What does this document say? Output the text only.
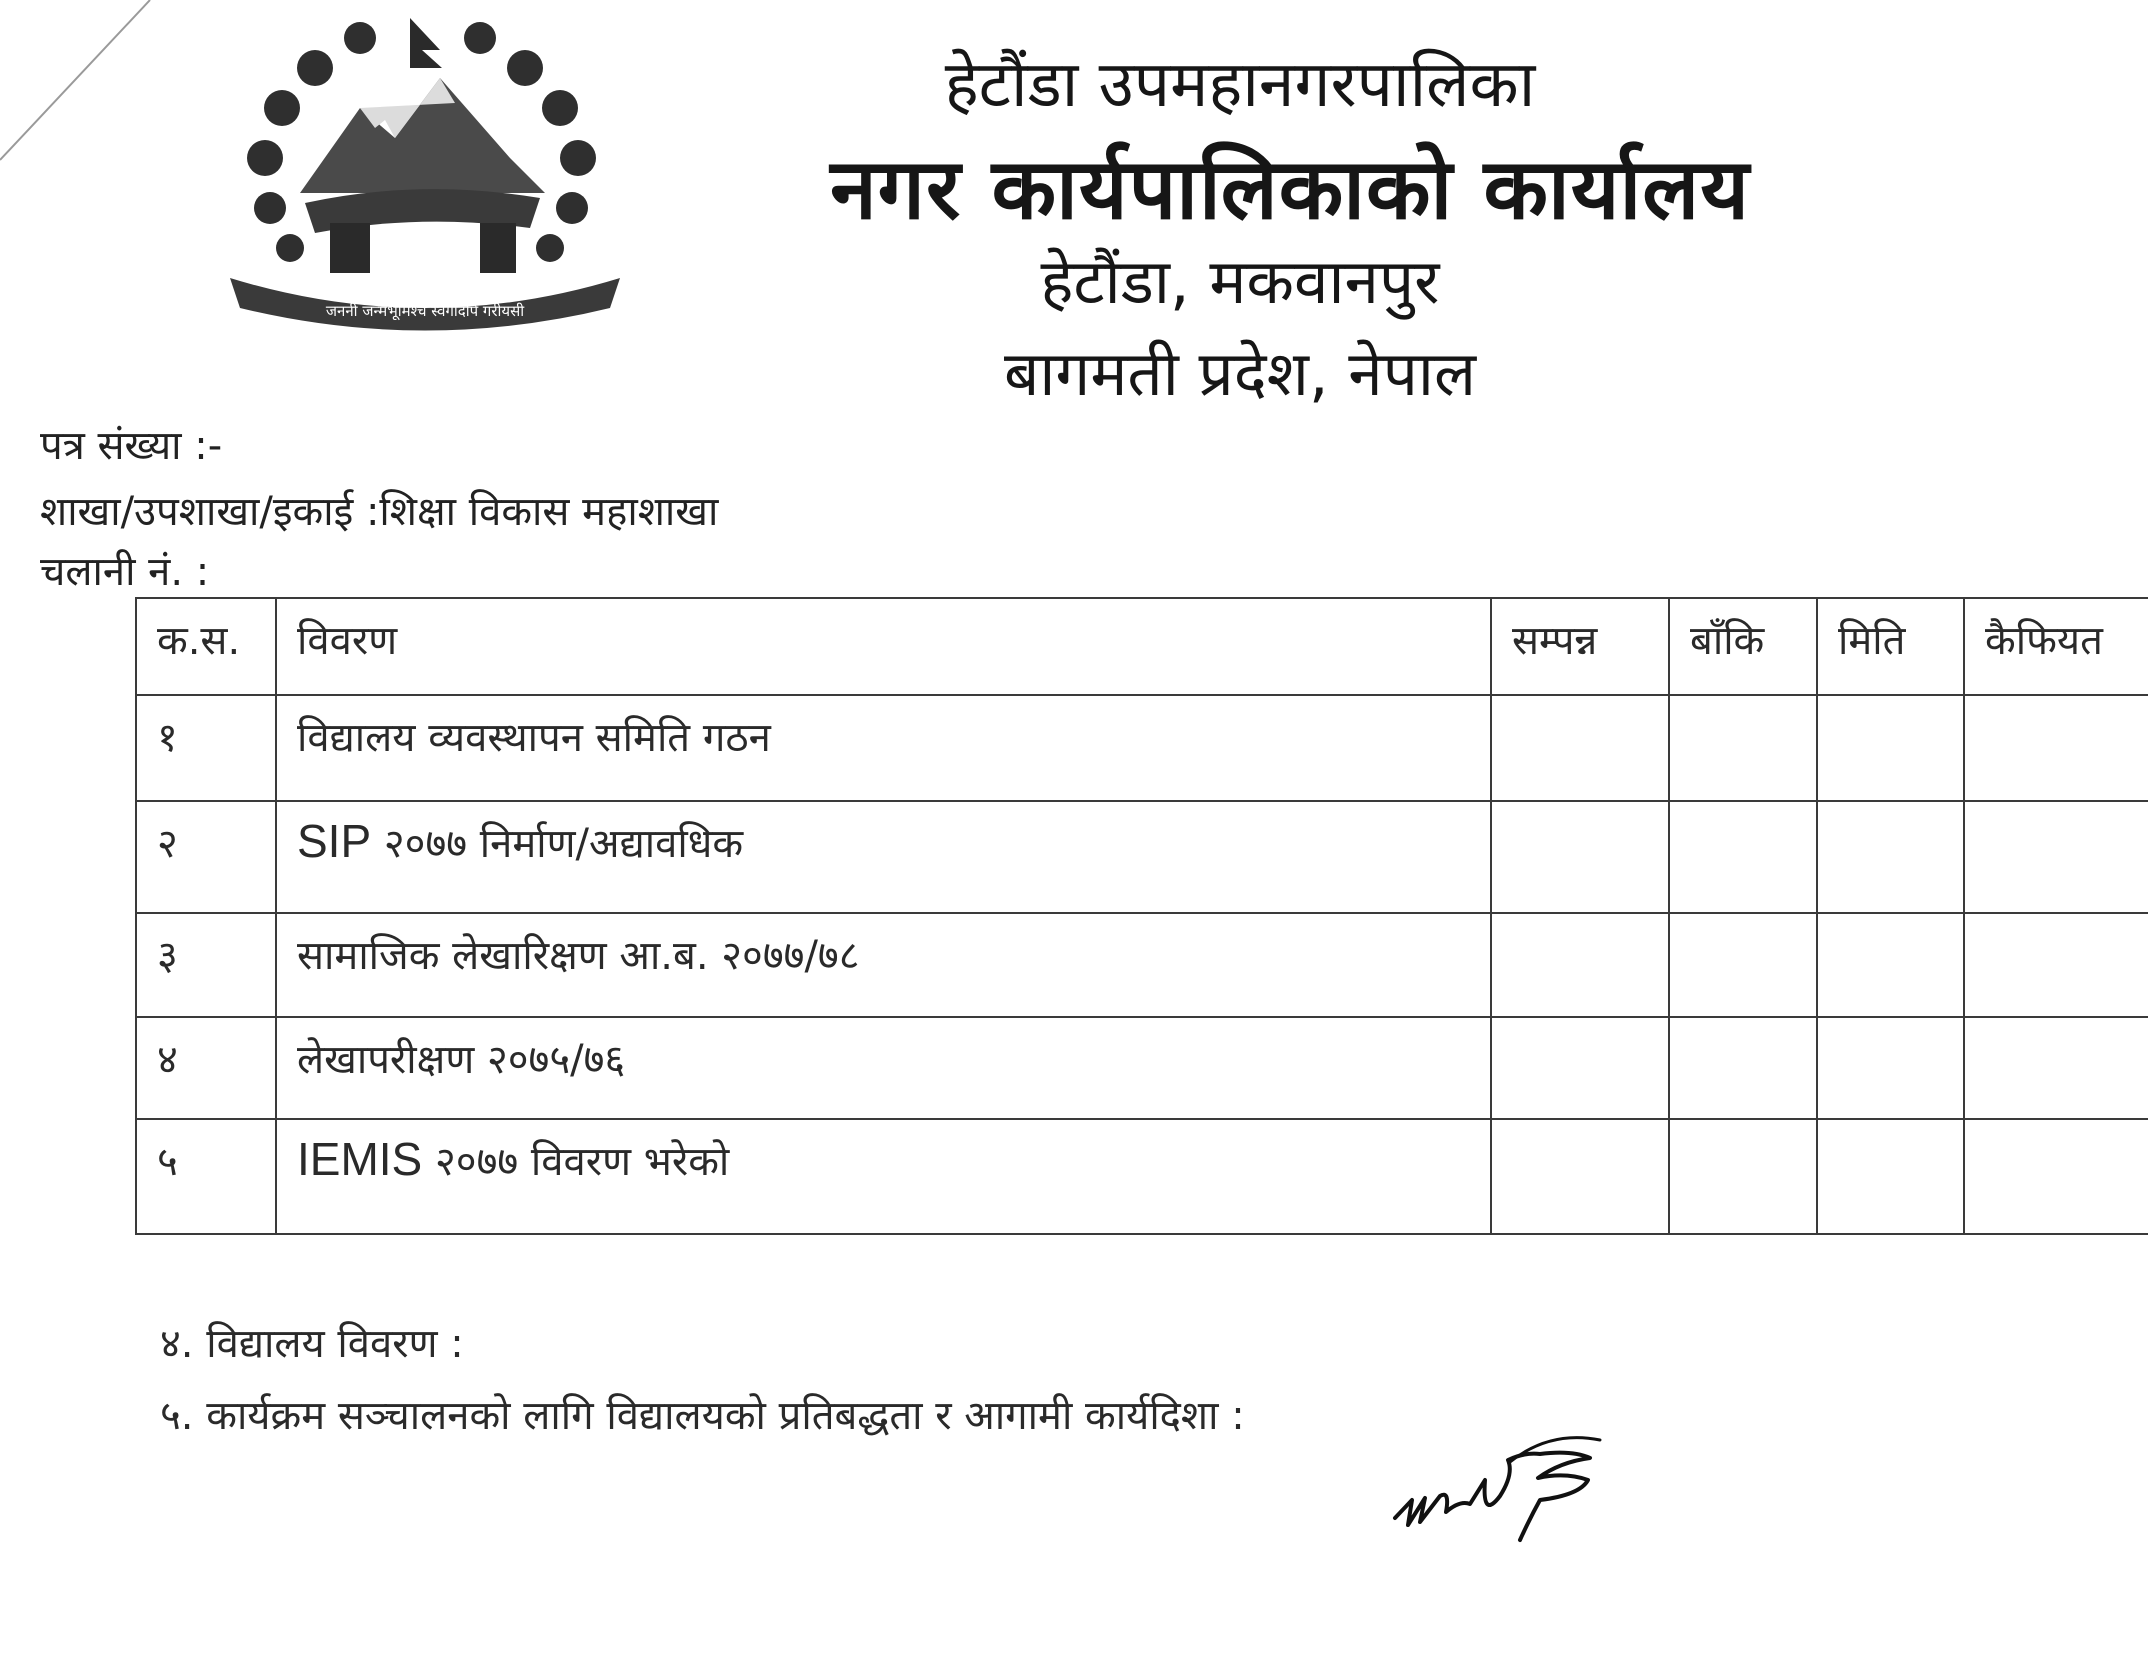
जननी जन्मभूमिश्च स्वर्गादपि गरीयसी
हेटौंडा उपमहानगरपालिका
नगर कार्यपालिकाको कार्यालय
हेटौंडा, मकवानपुर
बागमती प्रदेश, नेपाल
पत्र संख्या :-
शाखा/उपशाखा/इकाई :शिक्षा विकास महाशाखा
चलानी नं. :
क.स.	विवरण	सम्पन्न	बाँकि	मिति	कैफियत
१	विद्यालय व्यवस्थापन समिति गठन				
२	SIP २०७७ निर्माण/अद्यावधिक				
३	सामाजिक लेखारिक्षण आ.ब. २०७७/७८				
४	लेखापरीक्षण २०७५/७६				
५	IEMIS २०७७ विवरण भरेको				
४. विद्यालय विवरण :
५. कार्यक्रम सञ्चालनको लागि विद्यालयको प्रतिबद्धता र आगामी कार्यदिशा :
